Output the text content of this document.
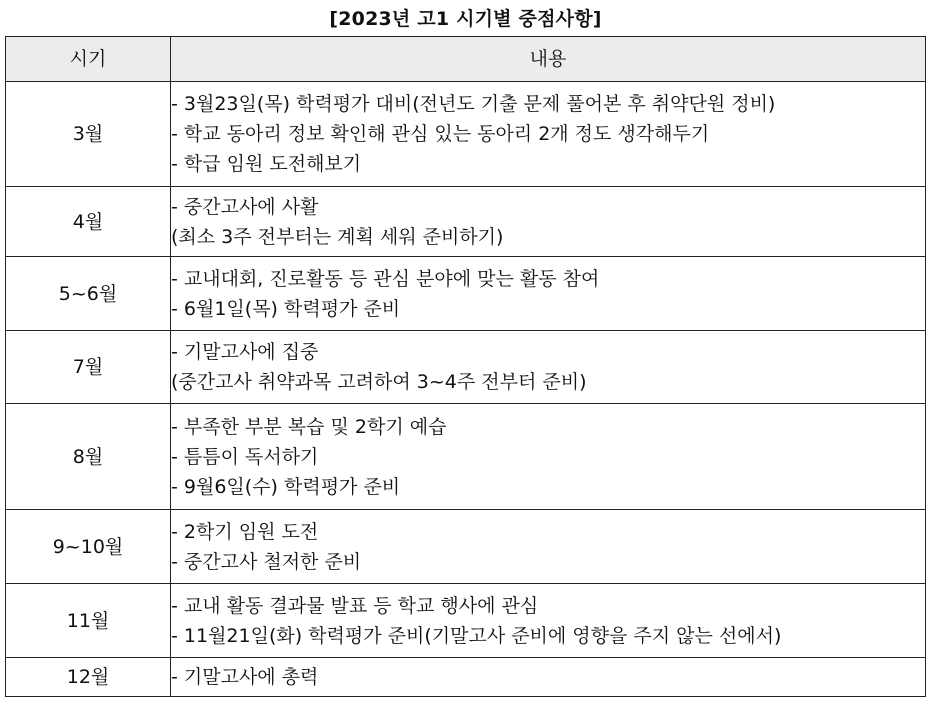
[2023년 고1 시기별 중점사항]
시기	내용
3월	- 3월23일(목) 학력평가 대비(전년도 기출 문제 풀어본 후 취약단원 정비)
- 학교 동아리 정보 확인해 관심 있는 동아리 2개 정도 생각해두기
- 학급 임원 도전해보기

4월	- 중간고사에 사활
(최소 3주 전부터는 계획 세워 준비하기)

5~6월	- 교내대회, 진로활동 등 관심 분야에 맞는 활동 참여
- 6월1일(목) 학력평가 준비

7월	- 기말고사에 집중
(중간고사 취약과목 고려하여 3~4주 전부터 준비)

8월	- 부족한 부분 복습 및 2학기 예습
- 틈틈이 독서하기
- 9월6일(수) 학력평가 준비

9~10월	- 2학기 임원 도전
- 중간고사 철저한 준비

11월	- 교내 활동 결과물 발표 등 학교 행사에 관심
- 11월21일(화) 학력평가 준비(기말고사 준비에 영향을 주지 않는 선에서)

12월	- 기말고사에 총력
